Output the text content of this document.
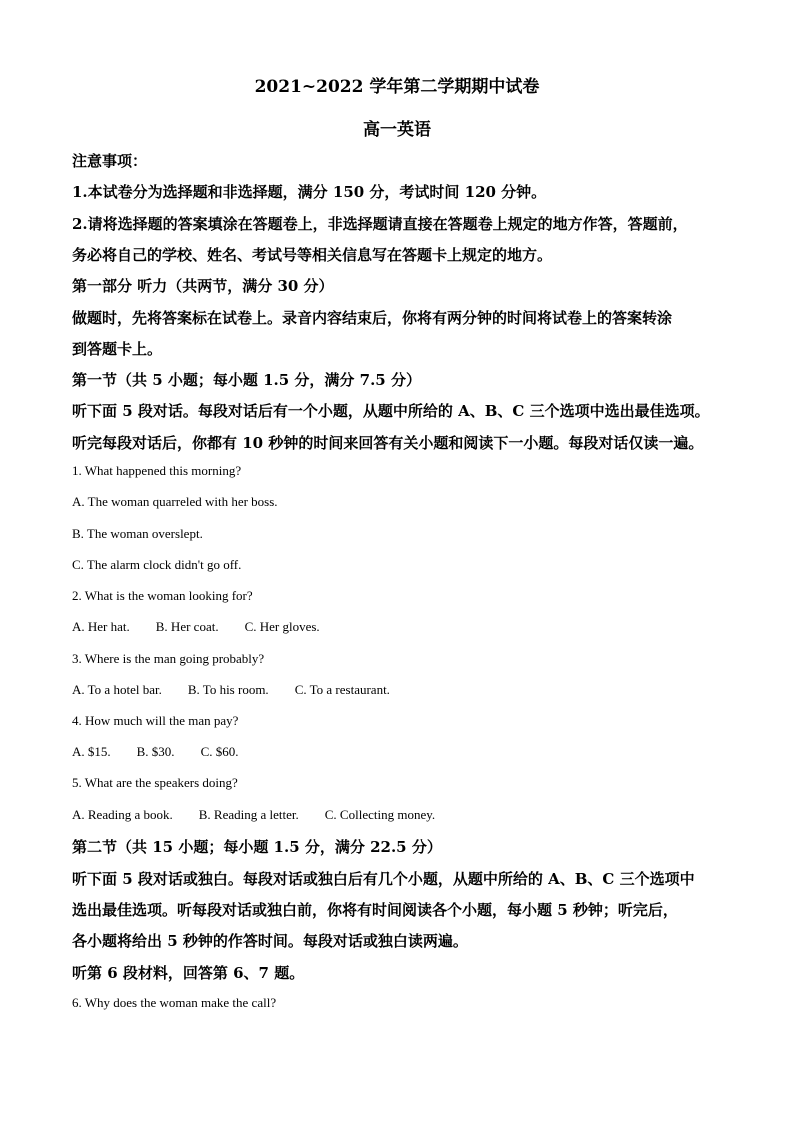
2021~2022 学年第二学期期中试卷
高一英语
注意事项：
1.本试卷分为选择题和非选择题，满分 150 分，考试时间 120 分钟。
2.请将选择题的答案填涂在答题卷上，非选择题请直接在答题卷上规定的地方作答，答题前，
务必将自己的学校、姓名、考试号等相关信息写在答题卡上规定的地方。
第一部分 听力（共两节，满分 30 分）
做题时，先将答案标在试卷上。录音内容结束后，你将有两分钟的时间将试卷上的答案转涂
到答题卡上。
第一节（共 5 小题；每小题 1.5 分，满分 7.5 分）
听下面 5 段对话。每段对话后有一个小题，从题中所给的 A、B、C 三个选项中选出最佳选项。
听完每段对话后，你都有 10 秒钟的时间来回答有关小题和阅读下一小题。每段对话仅读一遍。
1. What happened this morning?
A. The woman quarreled with her boss.
B. The woman overslept.
C. The alarm clock didn't go off.
2. What is the woman looking for?
A. Her hat. B. Her coat. C. Her gloves.
3. Where is the man going probably?
A. To a hotel bar. B. To his room. C. To a restaurant.
4. How much will the man pay?
A. $15. B. $30. C. $60.
5. What are the speakers doing?
A. Reading a book. B. Reading a letter. C. Collecting money.
第二节（共 15 小题；每小题 1.5 分，满分 22.5 分）
听下面 5 段对话或独白。每段对话或独白后有几个小题，从题中所给的 A、B、C 三个选项中
选出最佳选项。听每段对话或独白前，你将有时间阅读各个小题，每小题 5 秒钟；听完后，
各小题将给出 5 秒钟的作答时间。每段对话或独白读两遍。
听第 6 段材料，回答第 6、7 题。
6. Why does the woman make the call?
